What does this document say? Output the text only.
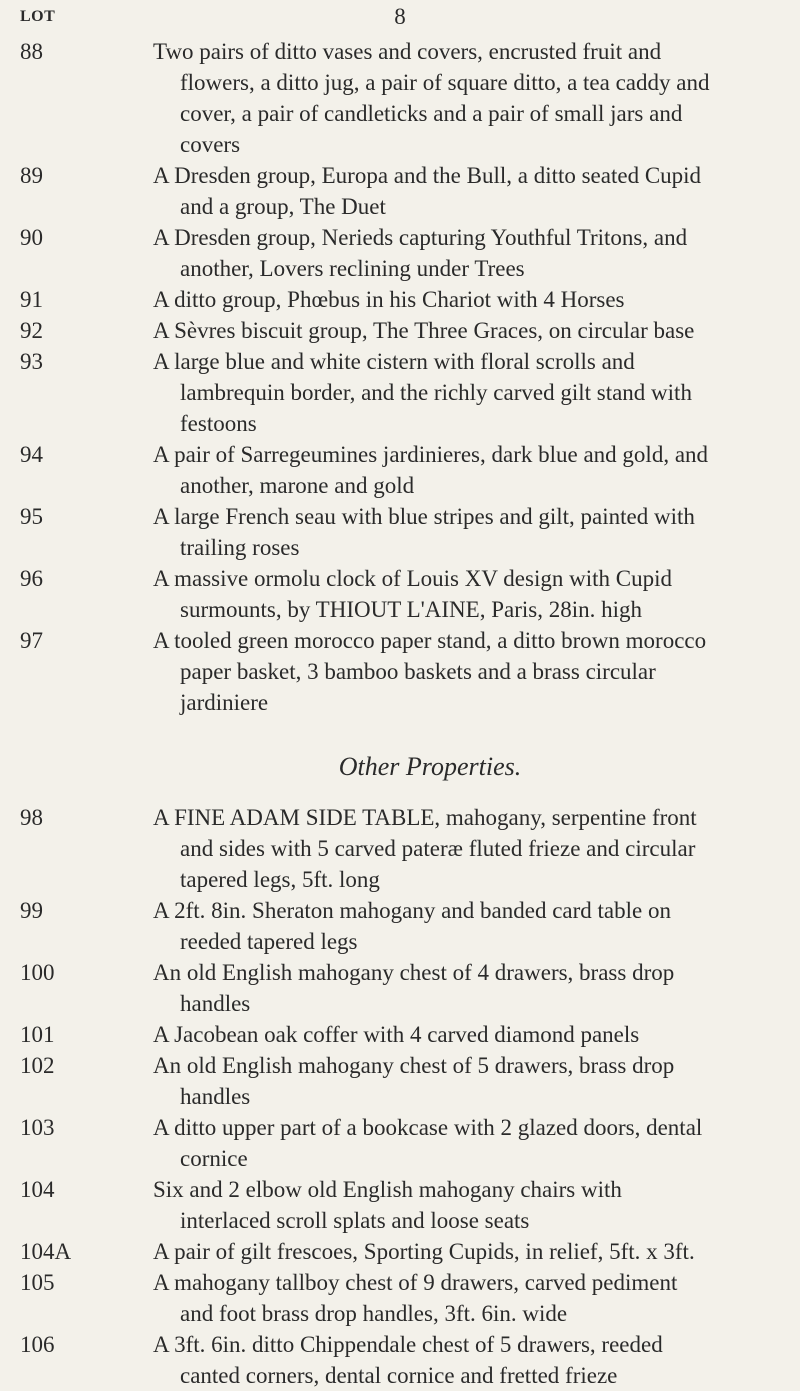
8
LOT
88	Two pairs of ditto vases and covers, encrusted fruit and flowers, a ditto jug, a pair of square ditto, a tea caddy and cover, a pair of candleticks and a pair of small jars and covers
89	A Dresden group, Europa and the Bull, a ditto seated Cupid and a group, The Duet
90	A Dresden group, Nerieds capturing Youthful Tritons, and another, Lovers reclining under Trees
91	A ditto group, Phœbus in his Chariot with 4 Horses
92	A Sèvres biscuit group, The Three Graces, on circular base
93	A large blue and white cistern with floral scrolls and lambrequin border, and the richly carved gilt stand with festoons
94	A pair of Sarregeumines jardinieres, dark blue and gold, and another, marone and gold
95	A large French seau with blue stripes and gilt, painted with trailing roses
96	A massive ormolu clock of Louis XV design with Cupid surmounts, by THIOUT L'AINE, Paris, 28in. high
97	A tooled green morocco paper stand, a ditto brown morocco paper basket, 3 bamboo baskets and a brass circular jardiniere
Other Properties.
98	A FINE ADAM SIDE TABLE, mahogany, serpentine front and sides with 5 carved pateræ fluted frieze and circular tapered legs, 5ft. long
99	A 2ft. 8in. Sheraton mahogany and banded card table on reeded tapered legs
100	An old English mahogany chest of 4 drawers, brass drop handles
101	A Jacobean oak coffer with 4 carved diamond panels
102	An old English mahogany chest of 5 drawers, brass drop handles
103	A ditto upper part of a bookcase with 2 glazed doors, dental cornice
104	Six and 2 elbow old English mahogany chairs with interlaced scroll splats and loose seats
104A	A pair of gilt frescoes, Sporting Cupids, in relief, 5ft. x 3ft.
105	A mahogany tallboy chest of 9 drawers, carved pediment and foot brass drop handles, 3ft. 6in. wide
106	A 3ft. 6in. ditto Chippendale chest of 5 drawers, reeded canted corners, dental cornice and fretted frieze
